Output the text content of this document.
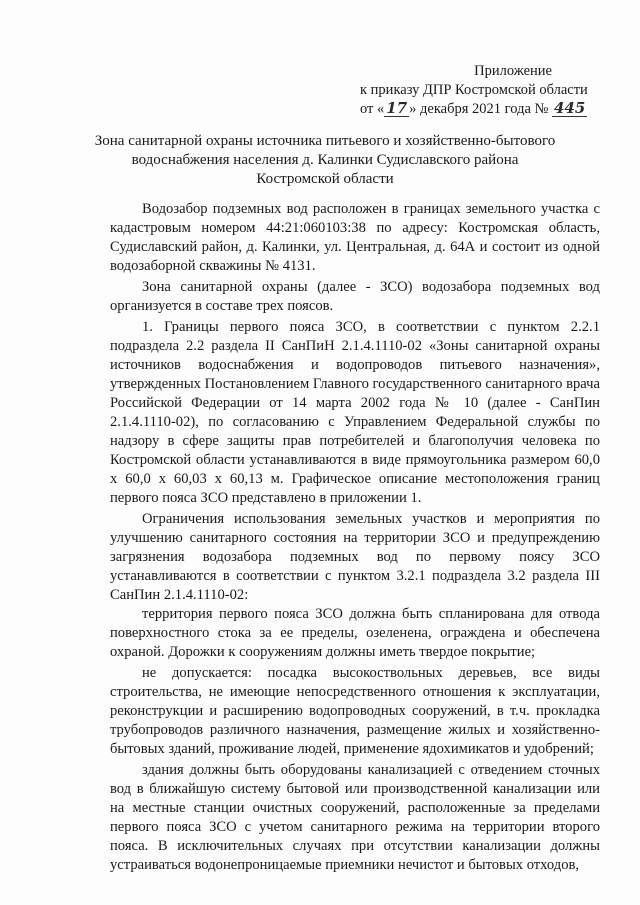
Приложение
к приказу ДПР Костромской области
от « 17 » декабря 2021 года № 445
Зона санитарной охраны источника питьевого и хозяйственно-бытового
водоснабжения населения д. Калинки Судиславского района
Костромской области

Водозабор подземных вод расположен в границах земельного участка с кадастровым номером 44:21:060103:38 по адресу: Костромская область, Судиславский район, д. Калинки, ул. Центральная, д. 64А и состоит из одной водозаборной скважины № 4131.

Зона санитарной охраны (далее - ЗСО) водозабора подземных вод организуется в составе трех поясов.

1. Границы первого пояса ЗСО, в соответствии с пунктом 2.2.1 подраздела 2.2 раздела II СанПиН 2.1.4.1110-02 «Зоны санитарной охраны источников водоснабжения и водопроводов питьевого назначения», утвержденных Постановлением Главного государственного санитарного врача Российской Федерации от 14 марта 2002 года № 10 (далее - СанПин 2.1.4.1110-02), по согласованию с Управлением Федеральной службы по надзору в сфере защиты прав потребителей и благополучия человека по Костромской области устанавливаются в виде прямоугольника размером 60,0 х 60,0 х 60,03 х 60,13 м. Графическое описание местоположения границ первого пояса ЗСО представлено в приложении 1.

Ограничения использования земельных участков и мероприятия по улучшению санитарного состояния на территории ЗСО и предупреждению загрязнения водозабора подземных вод по первому поясу ЗСО устанавливаются в соответствии с пунктом 3.2.1 подраздела 3.2 раздела III СанПин 2.1.4.1110-02:

территория первого пояса ЗСО должна быть спланирована для отвода поверхностного стока за ее пределы, озеленена, ограждена и обеспечена охраной. Дорожки к сооружениям должны иметь твердое покрытие;

не допускается: посадка высокоствольных деревьев, все виды строительства, не имеющие непосредственного отношения к эксплуатации, реконструкции и расширению водопроводных сооружений, в т.ч. прокладка трубопроводов различного назначения, размещение жилых и хозяйственно-бытовых зданий, проживание людей, применение ядохимикатов и удобрений;

здания должны быть оборудованы канализацией с отведением сточных вод в ближайшую систему бытовой или производственной канализации или на местные станции очистных сооружений, расположенные за пределами первого пояса ЗСО с учетом санитарного режима на территории второго пояса. В исключительных случаях при отсутствии канализации должны устраиваться водонепроницаемые приемники нечистот и бытовых отходов,
